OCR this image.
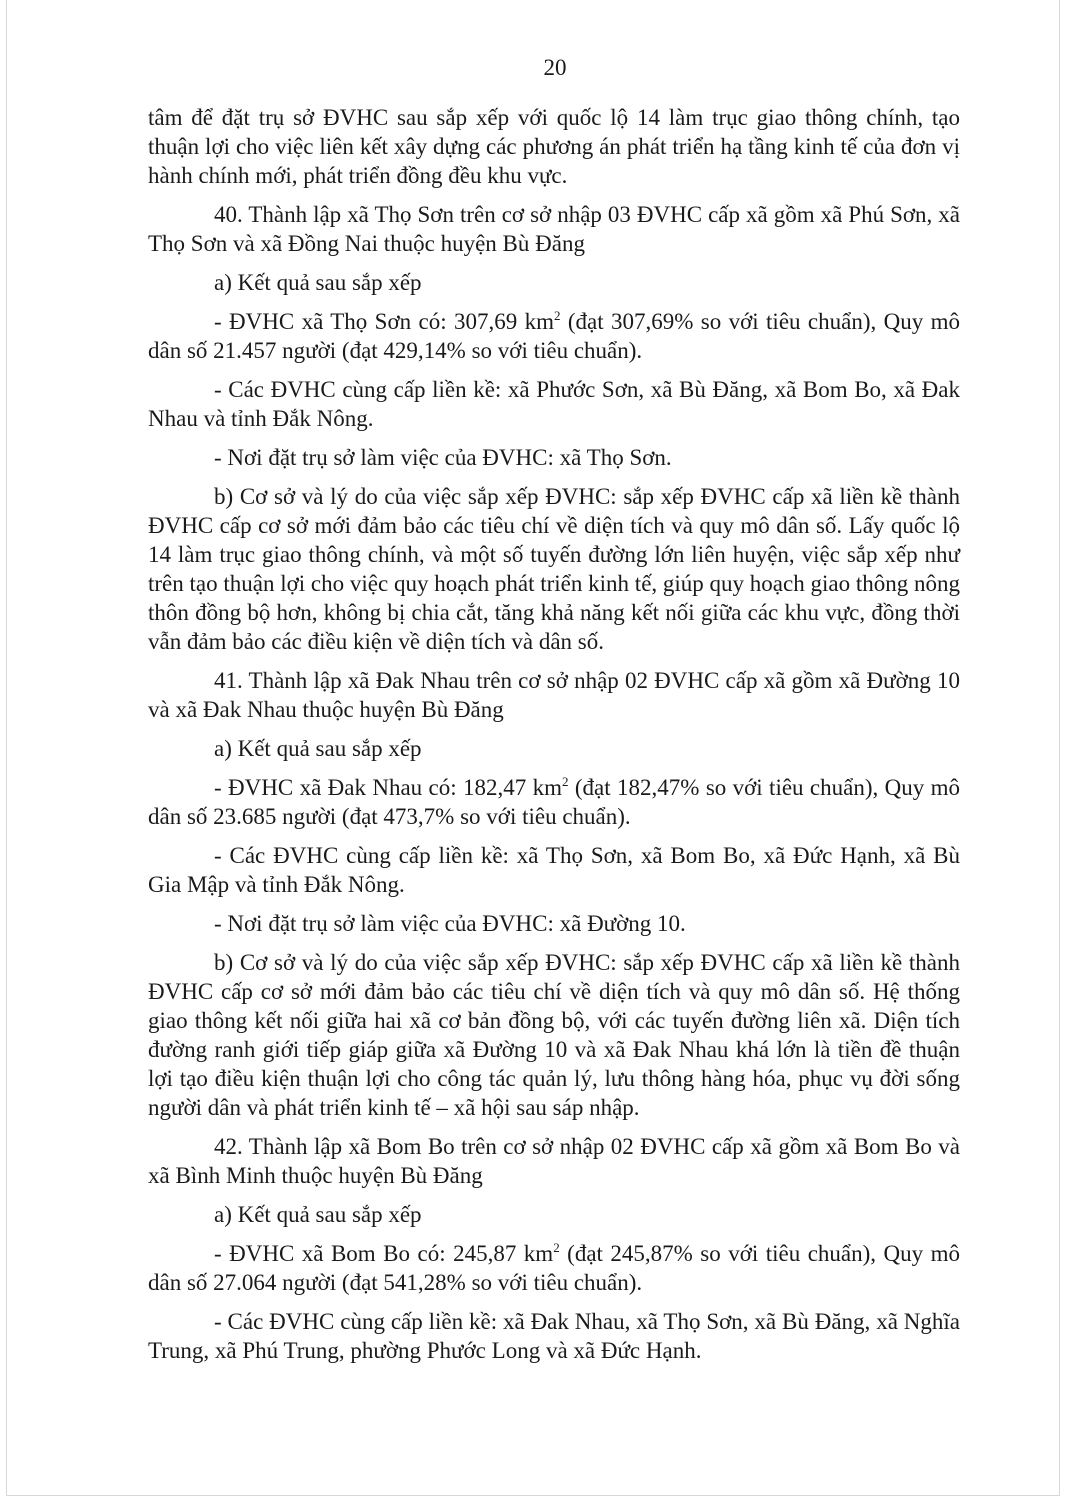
20

tâm để đặt trụ sở ĐVHC sau sắp xếp với quốc lộ 14 làm trục giao thông chính, tạo thuận lợi cho việc liên kết xây dựng các phương án phát triển hạ tầng kinh tế của đơn vị hành chính mới, phát triển đồng đều khu vực.

40. Thành lập xã Thọ Sơn trên cơ sở nhập 03 ĐVHC cấp xã gồm xã Phú Sơn, xã Thọ Sơn và xã Đồng Nai thuộc huyện Bù Đăng

a) Kết quả sau sắp xếp

- ĐVHC xã Thọ Sơn có: 307,69 $km^2$ (đạt 307,69% so với tiêu chuẩn), Quy mô dân số 21.457 người (đạt 429,14% so với tiêu chuẩn).

- Các ĐVHC cùng cấp liền kề: xã Phước Sơn, xã Bù Đăng, xã Bom Bo, xã Đak Nhau và tỉnh Đắk Nông.

- Nơi đặt trụ sở làm việc của ĐVHC: xã Thọ Sơn.

b) Cơ sở và lý do của việc sắp xếp ĐVHC: sắp xếp ĐVHC cấp xã liền kề thành ĐVHC cấp cơ sở mới đảm bảo các tiêu chí về diện tích và quy mô dân số. Lấy quốc lộ 14 làm trục giao thông chính, và một số tuyến đường lớn liên huyện, việc sắp xếp như trên tạo thuận lợi cho việc quy hoạch phát triển kinh tế, giúp quy hoạch giao thông nông thôn đồng bộ hơn, không bị chia cắt, tăng khả năng kết nối giữa các khu vực, đồng thời vẫn đảm bảo các điều kiện về diện tích và dân số.

41. Thành lập xã Đak Nhau trên cơ sở nhập 02 ĐVHC cấp xã gồm xã Đường 10 và xã Đak Nhau thuộc huyện Bù Đăng

a) Kết quả sau sắp xếp

- ĐVHC xã Đak Nhau có: 182,47 $km^2$ (đạt 182,47% so với tiêu chuẩn), Quy mô dân số 23.685 người (đạt 473,7% so với tiêu chuẩn).

- Các ĐVHC cùng cấp liền kề: xã Thọ Sơn, xã Bom Bo, xã Đức Hạnh, xã Bù Gia Mập và tỉnh Đắk Nông.

- Nơi đặt trụ sở làm việc của ĐVHC: xã Đường 10.

b) Cơ sở và lý do của việc sắp xếp ĐVHC: sắp xếp ĐVHC cấp xã liền kề thành ĐVHC cấp cơ sở mới đảm bảo các tiêu chí về diện tích và quy mô dân số. Hệ thống giao thông kết nối giữa hai xã cơ bản đồng bộ, với các tuyến đường liên xã. Diện tích đường ranh giới tiếp giáp giữa xã Đường 10 và xã Đak Nhau khá lớn là tiền đề thuận lợi tạo điều kiện thuận lợi cho công tác quản lý, lưu thông hàng hóa, phục vụ đời sống người dân và phát triển kinh tế – xã hội sau sáp nhập.

42. Thành lập xã Bom Bo trên cơ sở nhập 02 ĐVHC cấp xã gồm xã Bom Bo và xã Bình Minh thuộc huyện Bù Đăng

a) Kết quả sau sắp xếp

- ĐVHC xã Bom Bo có: 245,87 $km^2$ (đạt 245,87% so với tiêu chuẩn), Quy mô dân số 27.064 người (đạt 541,28% so với tiêu chuẩn).

- Các ĐVHC cùng cấp liền kề: xã Đak Nhau, xã Thọ Sơn, xã Bù Đăng, xã Nghĩa Trung, xã Phú Trung, phường Phước Long và xã Đức Hạnh.
